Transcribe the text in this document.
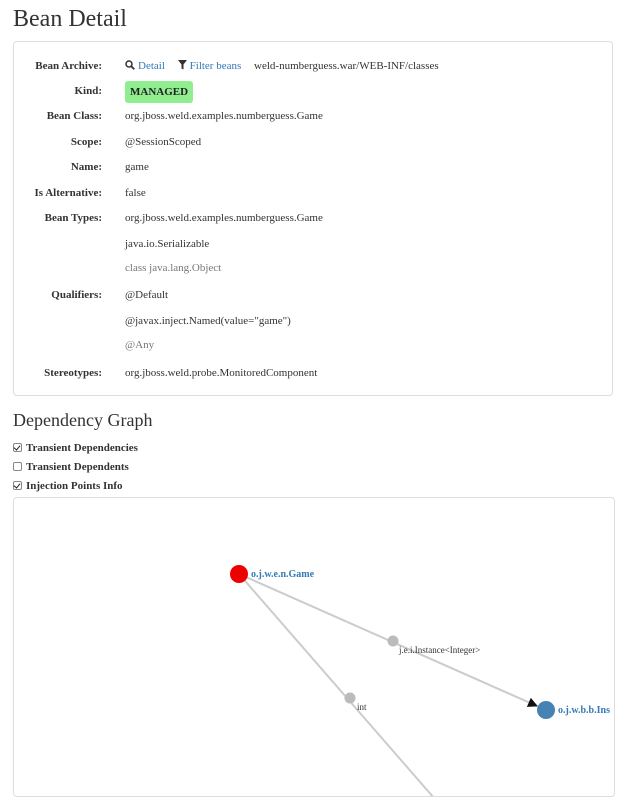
Bean Detail
Bean Archive:	Detail Filter beans weld-numberguess.war/WEB-INF/classes
Kind:	MANAGED
Bean Class: org.jboss.weld.examples.numberguess.Game
Scope: @SessionScoped
Name: game
Is Alternative: false
Bean Types: org.jboss.weld.examples.numberguess.Game
java.io.Serializable
class java.lang.Object
Qualifiers: @Default
@javax.inject.Named(value="game")
@Any
Stereotypes: org.jboss.weld.probe.MonitoredComponent
Dependency Graph
Transient Dependencies
Transient Dependents
Injection Points Info
j.e.i.Instance<Integer>
int
o.j.w.e.n.Game
o.j.w.b.b.Ins
